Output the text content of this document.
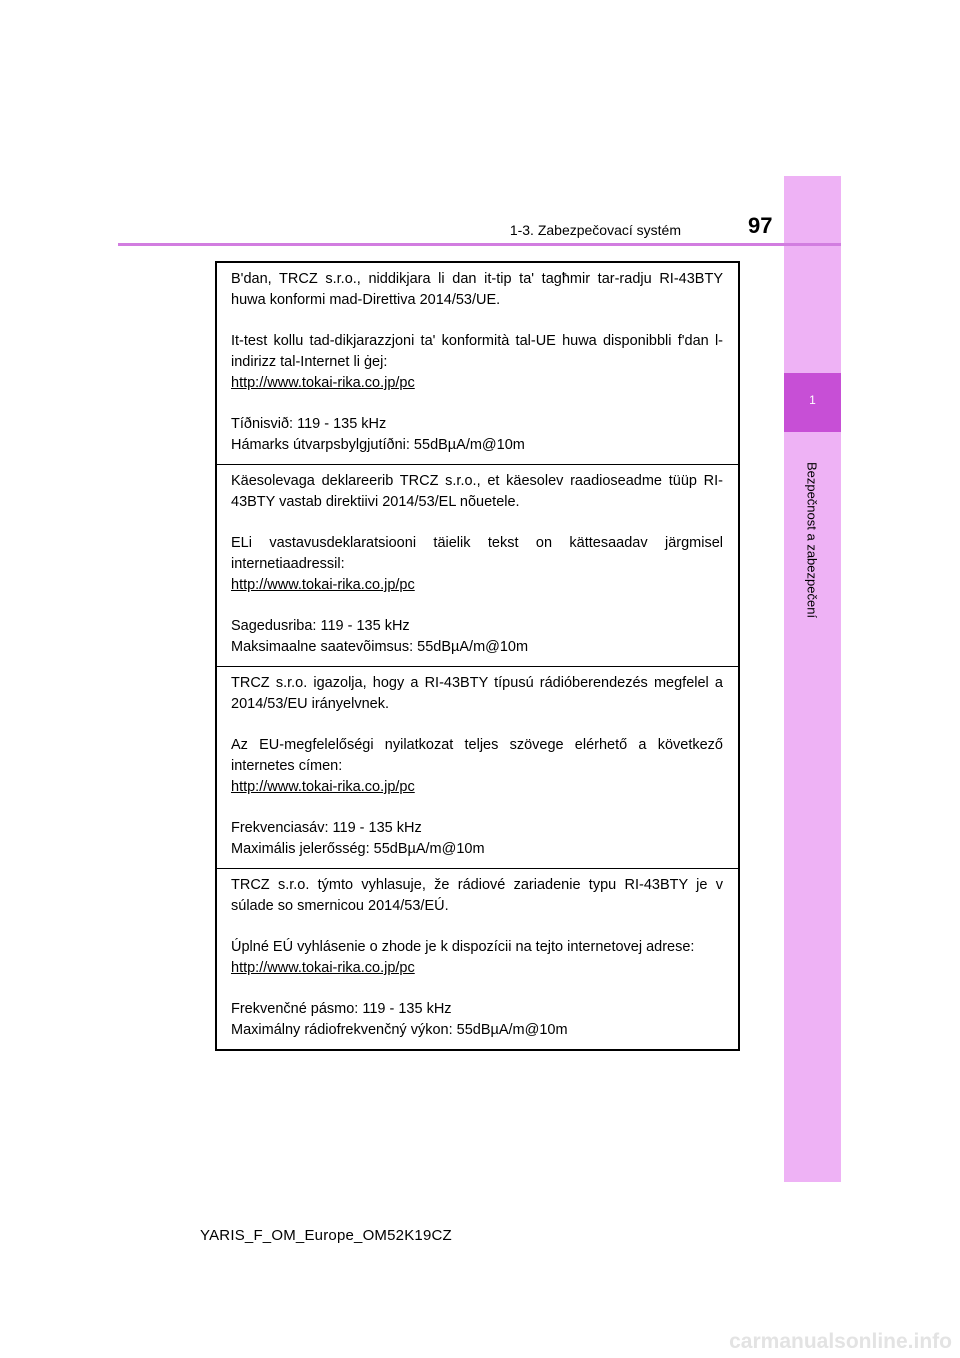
1
Bezpečnost a zabezpečení
1-3. Zabezpečovací systém	97

B'dan, TRCZ s.r.o., niddikjara li dan it-tip ta' tagħmir tar-radju RI-43BTY huwa konformi mad-Direttiva 2014/53/UE.

It-test kollu tad-dikjarazzjoni ta' konformità tal-UE huwa disponibbli f'dan l-indirizz tal-Internet li ġej:
http://www.tokai-rika.co.jp/pc
Tíðnisvið: 119 - 135 kHz
Hámarks útvarpsbylgjutíðni: 55dBµA/m@10m

Käesolevaga deklareerib TRCZ s.r.o., et käesolev raadioseadme tüüp RI-43BTY vastab direktiivi 2014/53/EL nõuetele.

ELi vastavusdeklaratsiooni täielik tekst on kättesaadav järgmisel internetiaadressil:
http://www.tokai-rika.co.jp/pc
Sagedusriba: 119 - 135 kHz
Maksimaalne saatevõimsus: 55dBµA/m@10m

TRCZ s.r.o. igazolja, hogy a RI-43BTY típusú rádióberendezés megfelel a 2014/53/EU irányelvnek.

Az EU-megfelelőségi nyilatkozat teljes szövege elérhető a következő internetes címen:
http://www.tokai-rika.co.jp/pc
Frekvenciasáv: 119 - 135 kHz
Maximális jelerősség: 55dBµA/m@10m

TRCZ s.r.o. týmto vyhlasuje, že rádiové zariadenie typu RI-43BTY je v súlade so smernicou 2014/53/EÚ.

Úplné EÚ vyhlásenie o zhode je k dispozícii na tejto internetovej adrese:
http://www.tokai-rika.co.jp/pc
Frekvenčné pásmo: 119 - 135 kHz
Maximálny rádiofrekvenčný výkon: 55dBµA/m@10m
YARIS_F_OM_Europe_OM52K19CZ
carmanualsonline.info
